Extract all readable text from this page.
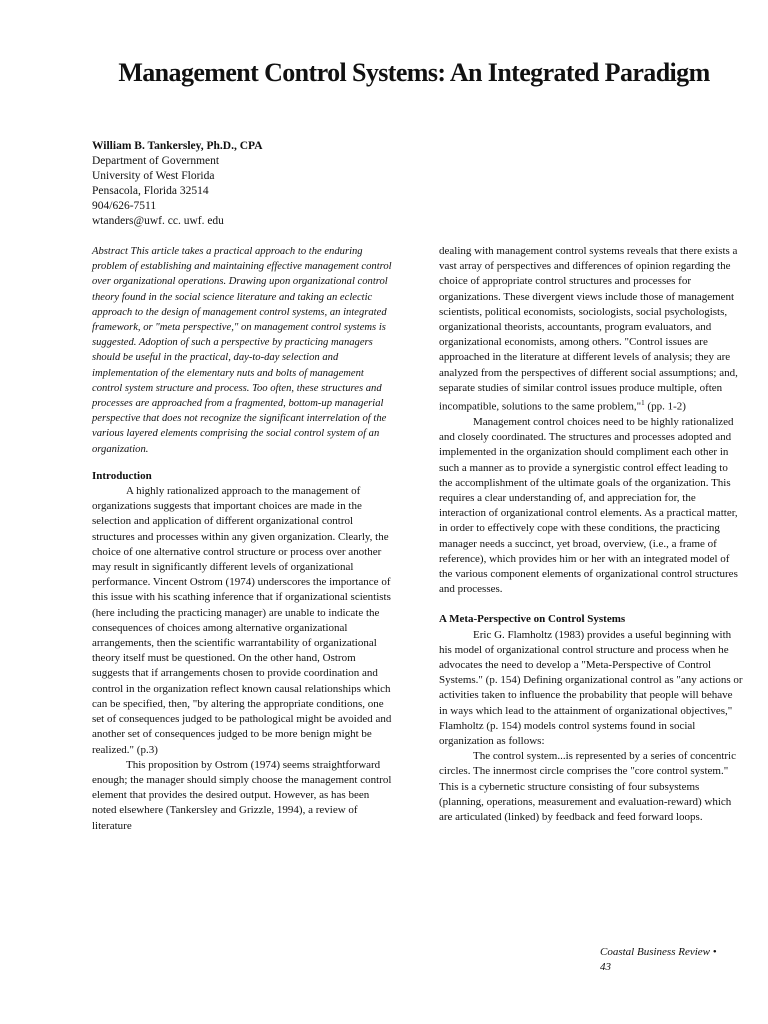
Management Control Systems: An Integrated Paradigm
William B. Tankersley, Ph.D., CPA
Department of Government
University of West Florida
Pensacola, Florida 32514
904/626-7511
wtanders@uwf. cc. uwf. edu

Abstract This article takes a practical approach to the enduring problem of establishing and maintaining effective management control over organizational operations. Drawing upon organizational control theory found in the social science literature and taking an eclectic approach to the design of management control systems, an integrated framework, or "meta perspective," on management control systems is suggested. Adoption of such a perspective by practicing managers should be useful in the practical, day-to-day selection and implementation of the elementary nuts and bolts of management control system structure and process. Too often, these structures and processes are approached from a fragmented, bottom-up managerial perspective that does not recognize the significant interrelation of the various layered elements comprising the social control system of an organization.

Introduction

A highly rationalized approach to the management of organizations suggests that important choices are made in the selection and application of different organizational control structures and processes within any given organization. Clearly, the choice of one alternative control structure or process over another may result in significantly different levels of organizational performance. Vincent Ostrom (1974) underscores the importance of this issue with his scathing inference that if organizational scientists (here including the practicing manager) are unable to indicate the consequences of choices among alternative organizational arrangements, then the scientific warrantability of organizational theory itself must be questioned. On the other hand, Ostrom suggests that if arrangements chosen to provide coordination and control in the organization reflect known causal relationships which can be specified, then, "by altering the appropriate conditions, one set of consequences judged to be pathological might be avoided and another set of consequences judged to be more benign might be realized." (p.3)

This proposition by Ostrom (1974) seems straightforward enough; the manager should simply choose the management control element that provides the desired output. However, as has been noted elsewhere (Tankersley and Grizzle, 1994), a review of literature

dealing with management control systems reveals that there exists a vast array of perspectives and differences of opinion regarding the choice of appropriate control structures and processes for organizations. These divergent views include those of management scientists, political economists, sociologists, social psychologists, organizational theorists, accountants, program evaluators, and organizational economists, among others. "Control issues are approached in the literature at different levels of analysis; they are analyzed from the perspectives of different social assumptions; and, separate studies of similar control issues produce multiple, often incompatible, solutions to the same problem,"$^1$ (pp. 1-2)

Management control choices need to be highly rationalized and closely coordinated. The structures and processes adopted and implemented in the organization should compliment each other in such a manner as to provide a synergistic control effect leading to the accomplishment of the ultimate goals of the organization. This requires a clear understanding of, and appreciation for, the interaction of organizational control elements. As a practical matter, in order to effectively cope with these conditions, the practicing manager needs a succinct, yet broad, overview, (i.e., a frame of reference), which provides him or her with an integrated model of the various component elements of organizational control structures and processes.

A Meta-Perspective on Control Systems

Eric G. Flamholtz (1983) provides a useful beginning with his model of organizational control structure and process when he advocates the need to develop a "Meta-Perspective of Control Systems." (p. 154) Defining organizational control as "any actions or activities taken to influence the probability that people will behave in ways which lead to the attainment of organizational objectives," Flamholtz (p. 154) models control systems found in social organization as follows:

The control system...is represented by a series of concentric circles. The innermost circle comprises the "core control system." This is a cybernetic structure consisting of four subsystems (planning, operations, measurement and evaluation-reward) which are articulated (linked) by feedback and feed forward loops.

Coastal Business Review •
43
